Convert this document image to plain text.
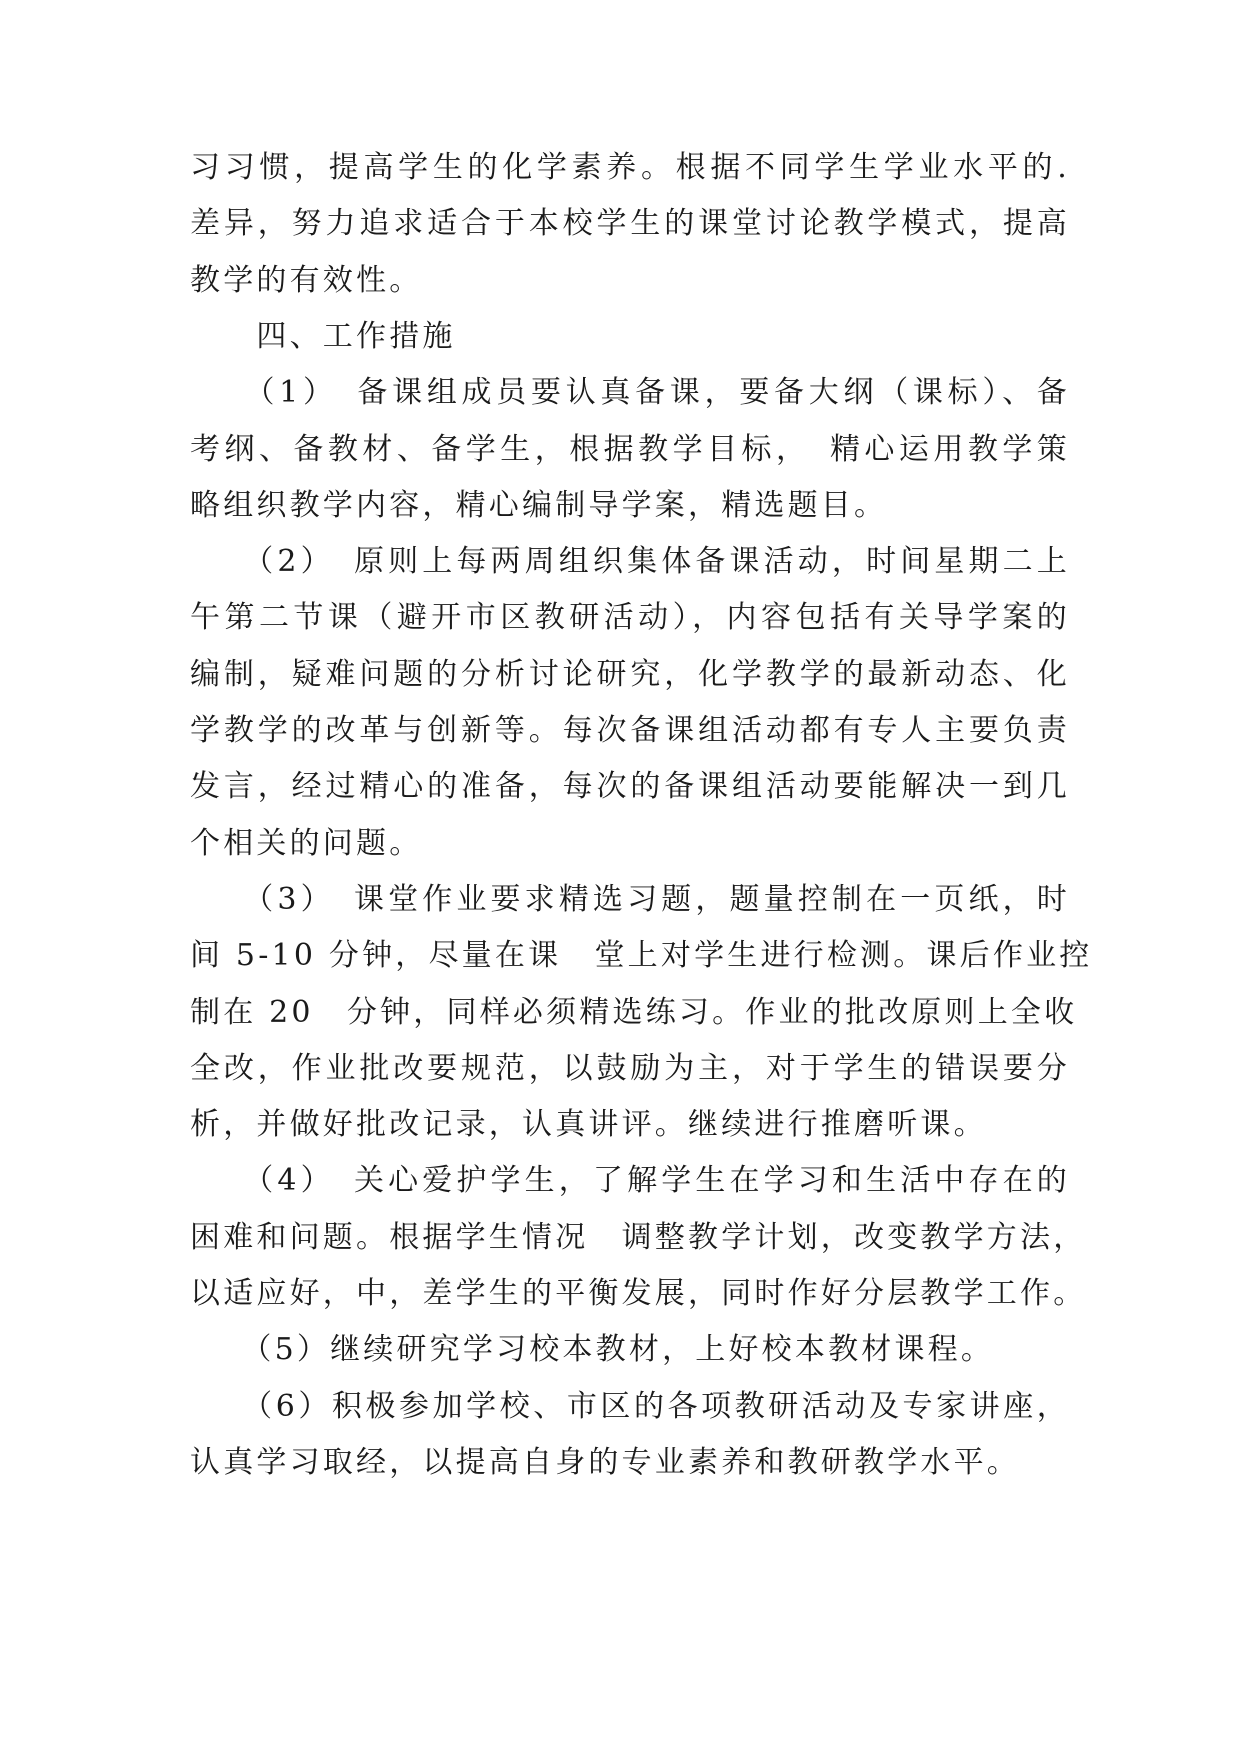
习习惯，提高学生的化学素养。根据不同学生学业水平的.
差异，努力追求适合于本校学生的课堂讨论教学模式，提高
教学的有效性。
　　四、工作措施
　　（1）　备课组成员要认真备课，要备大纲（课标）、备
考纲、备教材、备学生，根据教学目标，　精心运用教学策
略组织教学内容，精心编制导学案，精选题目。
　　（2）　原则上每两周组织集体备课活动，时间星期二上
午第二节课（避开市区教研活动），内容包括有关导学案的
编制，疑难问题的分析讨论研究，化学教学的最新动态、化
学教学的改革与创新等。每次备课组活动都有专人主要负责
发言，经过精心的准备，每次的备课组活动要能解决一到几
个相关的问题。
　　（3）　课堂作业要求精选习题，题量控制在一页纸，时
间 5-10 分钟，尽量在课　堂上对学生进行检测。课后作业控
制在 20　分钟，同样必须精选练习。作业的批改原则上全收
全改，作业批改要规范，以鼓励为主，对于学生的错误要分
析，并做好批改记录，认真讲评。继续进行推磨听课。
　　（4）　关心爱护学生，了解学生在学习和生活中存在的
困难和问题。根据学生情况　调整教学计划，改变教学方法，
以适应好，中，差学生的平衡发展，同时作好分层教学工作。
　　（5）继续研究学习校本教材，上好校本教材课程。
　　（6）积极参加学校、市区的各项教研活动及专家讲座，
认真学习取经，以提高自身的专业素养和教研教学水平。
